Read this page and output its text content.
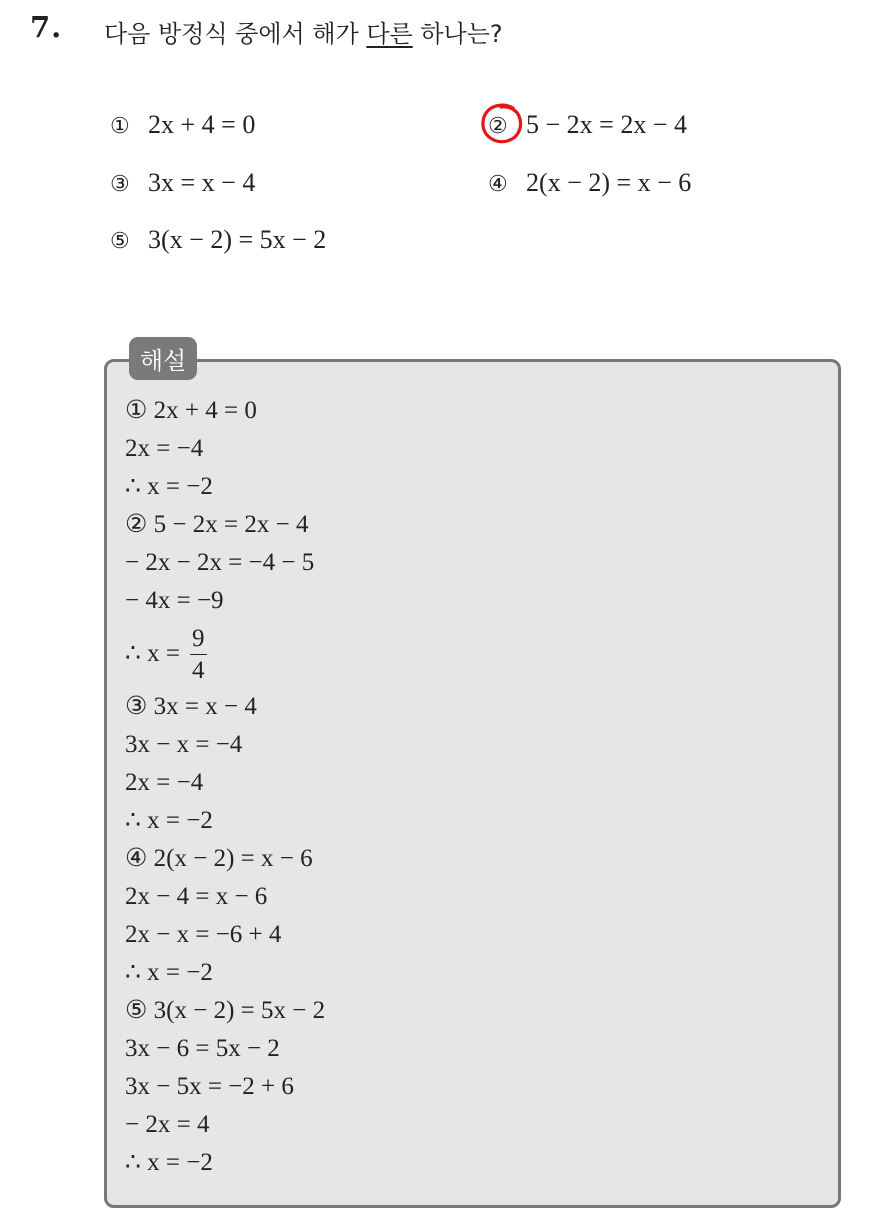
7. 다음 방정식 중에서 해가 다른 하나는?
① 2x + 4 = 0	② 5 − 2x = 2x − 4
③ 3x = x − 4	④ 2(x − 2) = x − 6
⑤ 3(x − 2) = 5x − 2
해설
① 2x + 4 = 0
2x = −4
∴ x = −2
② 5 − 2x = 2x − 4
− 2x − 2x = −4 − 5
− 4x = −9
∴ $x = \frac{9}{4}$
③ 3x = x − 4
3x − x = −4
2x = −4
∴ x = −2
④ 2(x − 2) = x − 6
2x − 4 = x − 6
2x − x = −6 + 4
∴ x = −2
⑤ 3(x − 2) = 5x − 2
3x − 6 = 5x − 2
3x − 5x = −2 + 6
− 2x = 4
∴ x = −2
